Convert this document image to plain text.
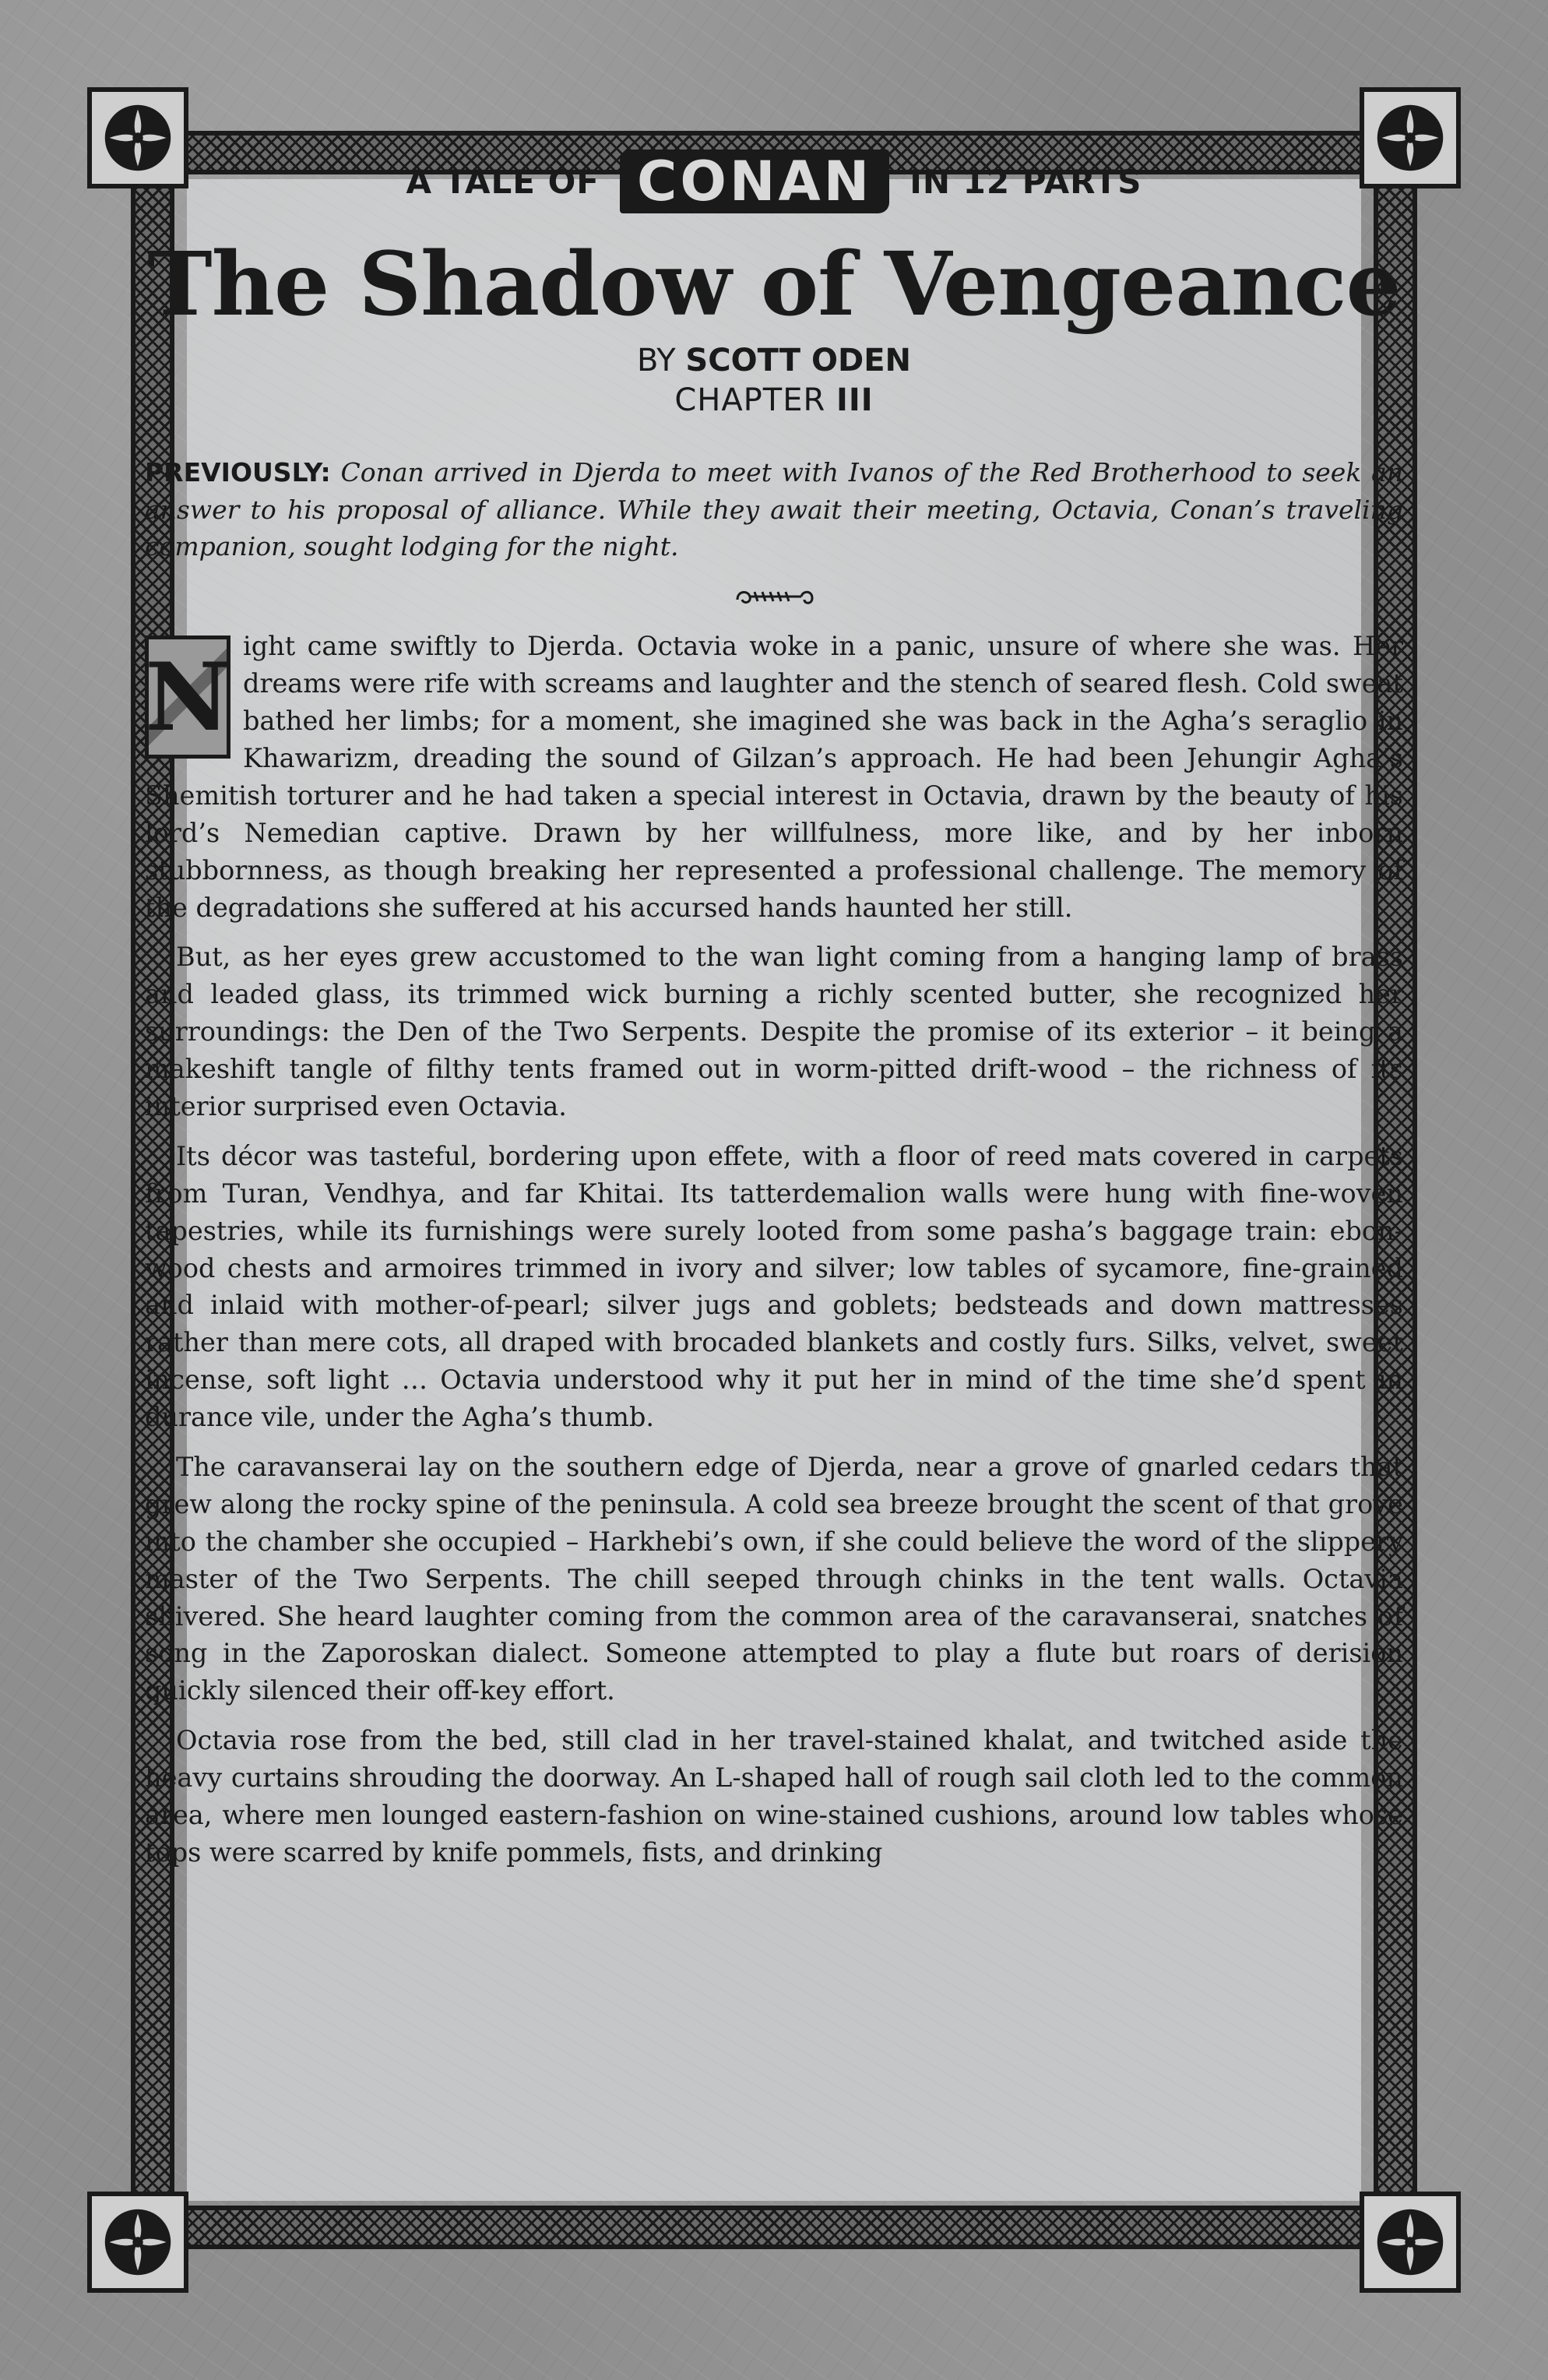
A TALE OF CONAN	IN 12 PARTS
The Shadow of Vengeance
BY SCOTT ODEN
CHAPTER III
PREVIOUSLY: Conan arrived in Djerda to meet with Ivanos of the Red Brotherhood to seek an answer to his proposal of alliance. While they await their meeting, Octavia, Conan’s traveling companion, sought lodging for the night.

N ight came swiftly to Djerda. Octavia woke in a panic, unsure of where she was. Her dreams were rife with screams and laughter and the stench of seared flesh. Cold sweat bathed her limbs; for a moment, she imagined she was back in the Agha’s seraglio in Khawarizm, dreading the sound of Gilzan’s approach. He had been Jehungir Agha’s Shemitish torturer and he had taken a special interest in Octavia, drawn by the beauty of his lord’s Nemedian captive. Drawn by her willfulness, more like, and by her inborn stubbornness, as though breaking her represented a professional challenge. The memory of the degradations she suffered at his accursed hands haunted her still.

But, as her eyes grew accustomed to the wan light coming from a hanging lamp of brass and leaded glass, its trimmed wick burning a richly scented butter, she recognized her surroundings: the Den of the Two Serpents. Despite the promise of its exterior – it being a makeshift tangle of filthy tents framed out in worm-pitted drift-wood – the richness of its interior surprised even Octavia.

Its décor was tasteful, bordering upon effete, with a floor of reed mats covered in carpets from Turan, Vendhya, and far Khitai. Its tatterdemalion walls were hung with fine-woven tapestries, while its furnishings were surely looted from some pasha’s baggage train: ebon-wood chests and armoires trimmed in ivory and silver; low tables of sycamore, fine-grained and inlaid with mother-of-pearl; silver jugs and goblets; bedsteads and down mattresses rather than mere cots, all draped with brocaded blankets and costly furs. Silks, velvet, sweet incense, soft light … Octavia understood why it put her in mind of the time she’d spent in durance vile, under the Agha’s thumb.

The caravanserai lay on the southern edge of Djerda, near a grove of gnarled cedars that grew along the rocky spine of the peninsula. A cold sea breeze brought the scent of that grove into the chamber she occupied – Harkhebi’s own, if she could believe the word of the slippery master of the Two Serpents. The chill seeped through chinks in the tent walls. Octavia shivered. She heard laughter coming from the common area of the caravanserai, snatches of song in the Zaporoskan dialect. Someone attempted to play a flute but roars of derision quickly silenced their off-key effort.

Octavia rose from the bed, still clad in her travel-stained khalat, and twitched aside the heavy curtains shrouding the doorway. An L-shaped hall of rough sail cloth led to the common area, where men lounged eastern-fashion on wine-stained cushions, around low tables whose tops were scarred by knife pommels, fists, and drinking
